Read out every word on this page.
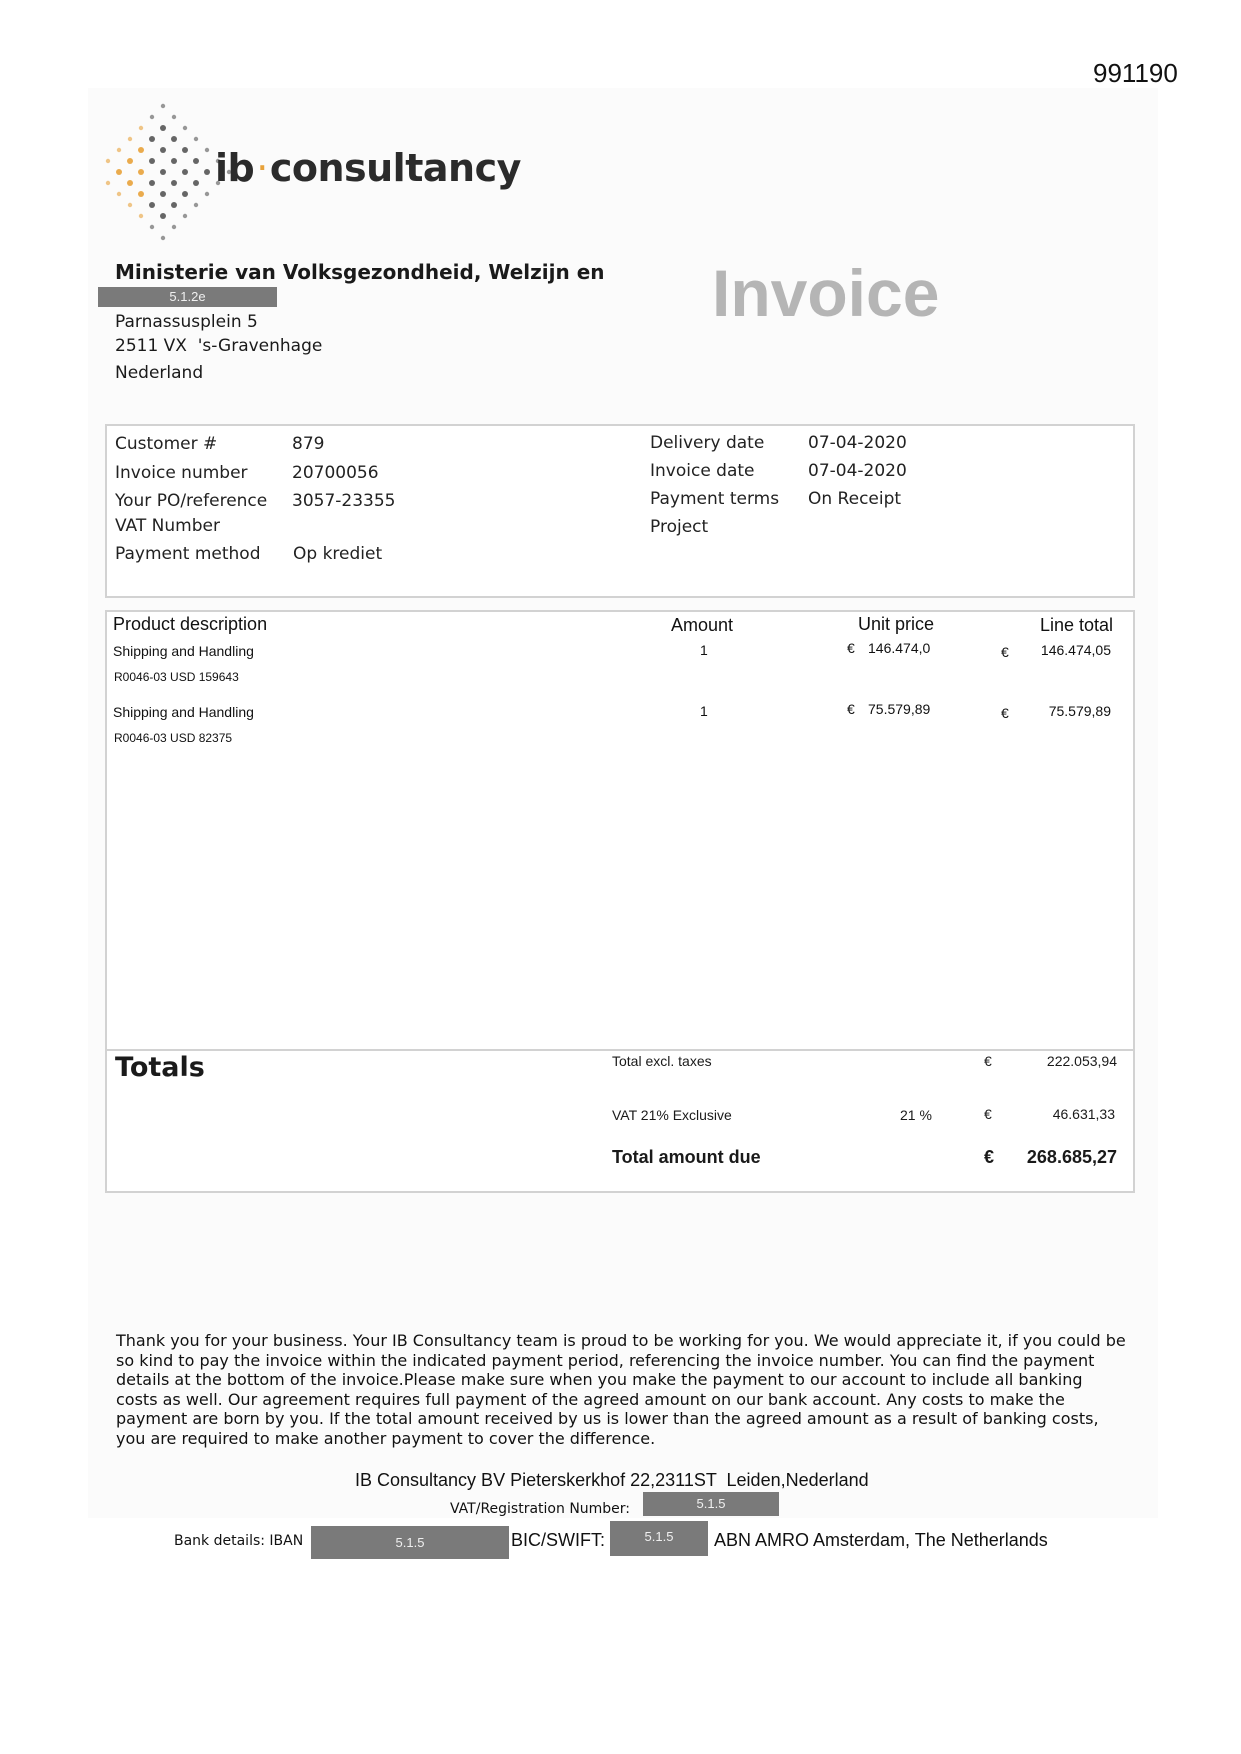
991190
ib·consultancy
Ministerie van Volksgezondheid, Welzijn en
5.1.2e
Parnassusplein 5
2511 VX  's-Gravenhage
Nederland
Invoice
Customer #	879
Invoice number	20700056
Your PO/reference 3057-23355
VAT Number
Payment method Op krediet
Delivery date	07-04-2020
Invoice date	07-04-2020
Payment terms On Receipt
Project
Product description	Amount	Unit price	Line total
Shipping and Handling
R0046-03 USD 159643
1	€ 146.474,0	€ 146.474,05
Shipping and Handling
R0046-03 USD 82375
1	€ 75.579,89	€	75.579,89
Totals	Total excl. taxes	€	222.053,94
VAT 21% Exclusive	21 %	€	46.631,33
Total amount due	€ 268.685,27
Thank you for your business. Your IB Consultancy team is proud to be working for you. We would appreciate it, if you could be so kind to pay the invoice within the indicated payment period, referencing the invoice number. You can find the payment details at the bottom of the invoice.Please make sure when you make the payment to our account to include all banking costs as well. Our agreement requires full payment of the agreed amount on our bank account. Any costs to make the payment are born by you. If the total amount received by us is lower than the agreed amount as a result of banking costs, you are required to make another payment to cover the difference.
IB Consultancy BV Pieterskerkhof 22,2311ST  Leiden,Nederland
VAT/Registration Number:	5.1.5
Bank details: IBAN	5.1.5	BIC/SWIFT:	5.1.5	ABN AMRO Amsterdam, The Netherlands
